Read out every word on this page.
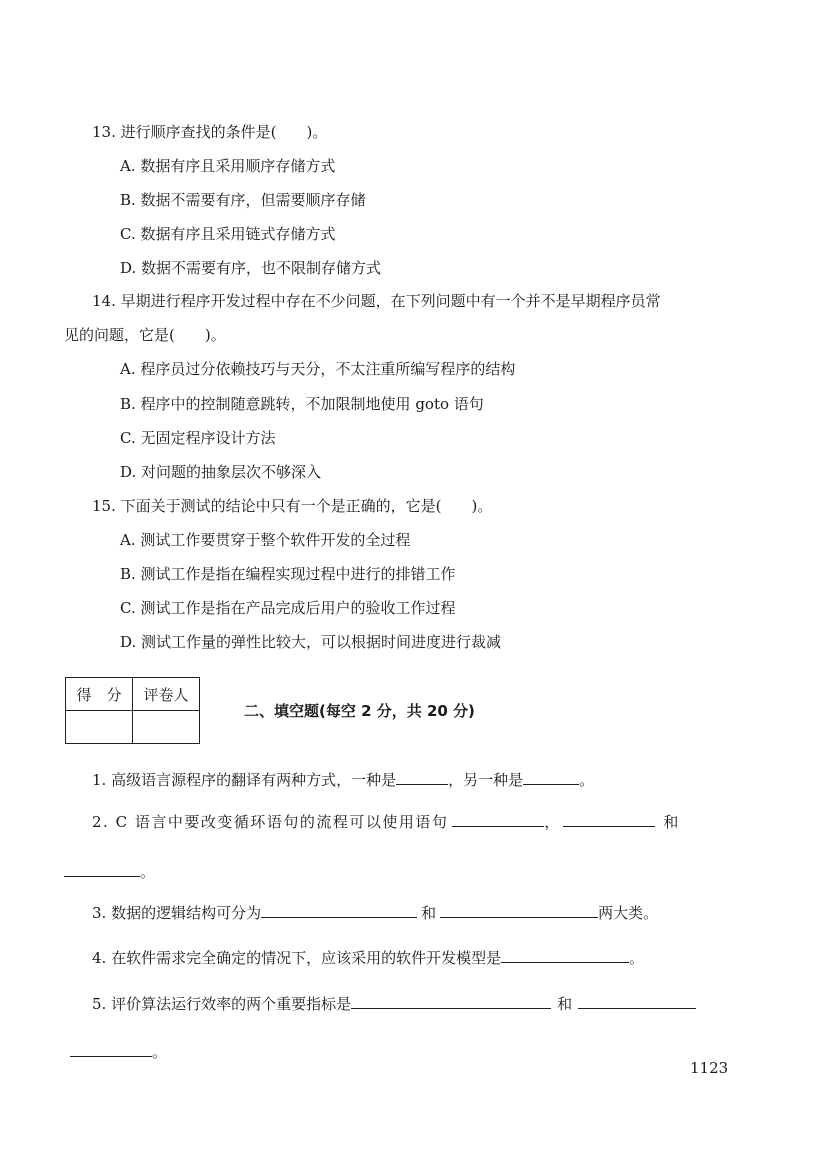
13. 进行顺序查找的条件是(　　)。
A. 数据有序且采用顺序存储方式
B. 数据不需要有序，但需要顺序存储
C. 数据有序且采用链式存储方式
D. 数据不需要有序，也不限制存储方式
14. 早期进行程序开发过程中存在不少问题，在下列问题中有一个并不是早期程序员常
见的问题，它是(　　)。
A. 程序员过分依赖技巧与天分，不太注重所编写程序的结构
B. 程序中的控制随意跳转，不加限制地使用 goto 语句
C. 无固定程序设计方法
D. 对问题的抽象层次不够深入
15. 下面关于测试的结论中只有一个是正确的，它是(　　)。
A. 测试工作要贯穿于整个软件开发的全过程
B. 测试工作是指在编程实现过程中进行的排错工作
C. 测试工作是指在产品完成后用户的验收工作过程
D. 测试工作量的弹性比较大，可以根据时间进度进行裁减
得　分	评卷人

二、填空题(每空 2 分，共 20 分)
1. 高级语言源程序的翻译有两种方式，一种是	，另一种是	。
2. C 语言中要改变循环语句的流程可以使用语句	，	和
。
3. 数据的逻辑结构可分为	和	两大类。
4. 在软件需求完全确定的情况下，应该采用的软件开发模型是	。
5. 评价算法运行效率的两个重要指标是	和
。
1123
